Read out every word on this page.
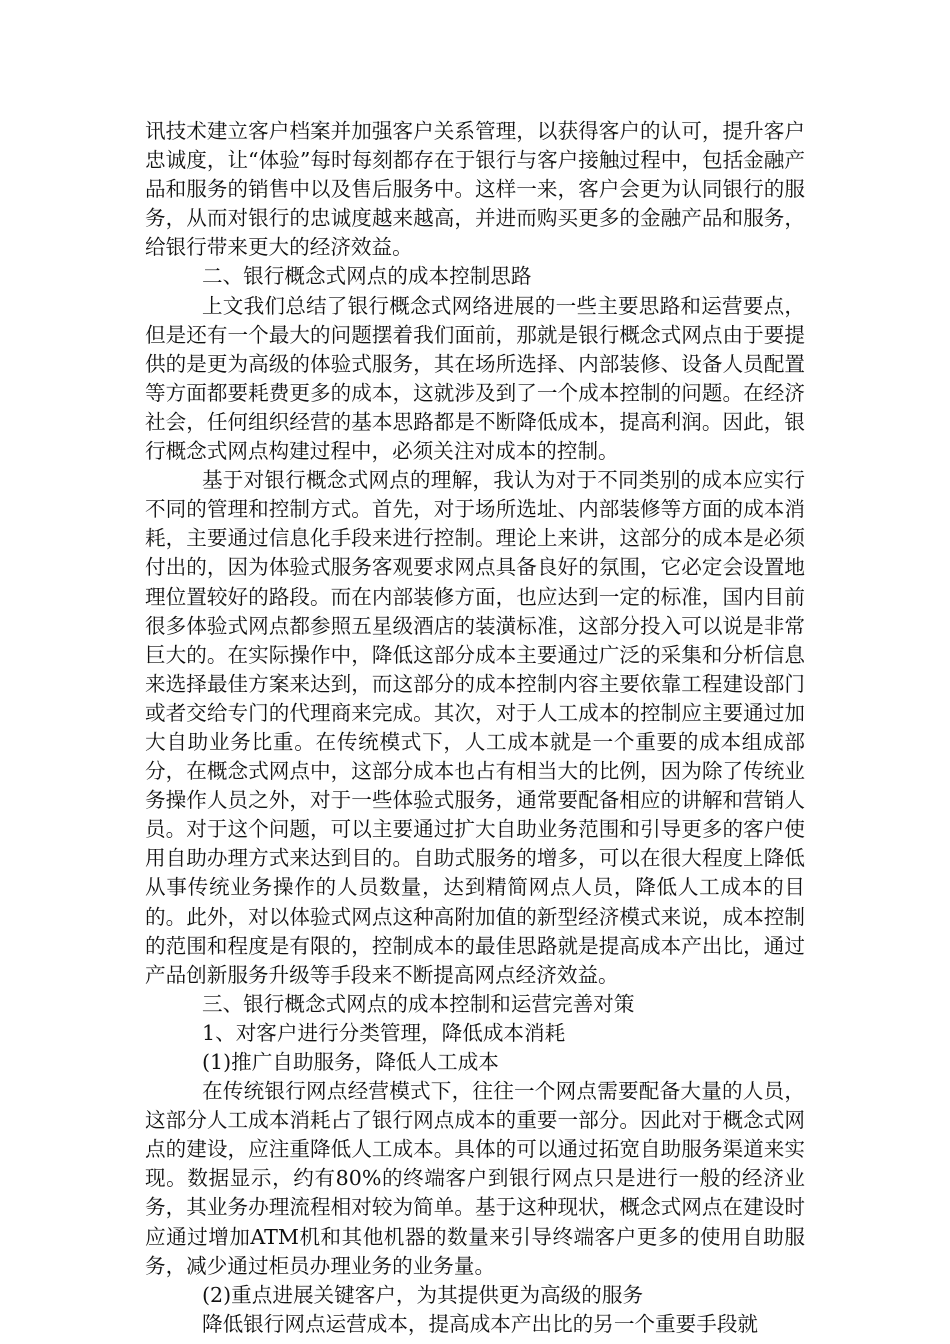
讯技术建立客户档案并加强客户关系管理，以获得客户的认可，提升客户忠诚度，让“体验”每时每刻都存在于银行与客户接触过程中，包括金融产品和服务的销售中以及售后服务中。这样一来，客户会更为认同银行的服务，从而对银行的忠诚度越来越高，并进而购买更多的金融产品和服务，给银行带来更大的经济效益。

二、银行概念式网点的成本控制思路

上文我们总结了银行概念式网络进展的一些主要思路和运营要点，但是还有一个最大的问题摆着我们面前，那就是银行概念式网点由于要提供的是更为高级的体验式服务，其在场所选择、内部装修、设备人员配置等方面都要耗费更多的成本，这就涉及到了一个成本控制的问题。在经济社会，任何组织经营的基本思路都是不断降低成本，提高利润。因此，银行概念式网点构建过程中，必须关注对成本的控制。

基于对银行概念式网点的理解，我认为对于不同类别的成本应实行不同的管理和控制方式。首先，对于场所选址、内部装修等方面的成本消耗，主要通过信息化手段来进行控制。理论上来讲，这部分的成本是必须付出的，因为体验式服务客观要求网点具备良好的氛围，它必定会设置地理位置较好的路段。而在内部装修方面，也应达到一定的标准，国内目前很多体验式网点都参照五星级酒店的装潢标准，这部分投入可以说是非常巨大的。在实际操作中，降低这部分成本主要通过广泛的采集和分析信息来选择最佳方案来达到，而这部分的成本控制内容主要依靠工程建设部门或者交给专门的代理商来完成。其次，对于人工成本的控制应主要通过加大自助业务比重。在传统模式下，人工成本就是一个重要的成本组成部分，在概念式网点中，这部分成本也占有相当大的比例，因为除了传统业务操作人员之外，对于一些体验式服务，通常要配备相应的讲解和营销人员。对于这个问题，可以主要通过扩大自助业务范围和引导更多的客户使用自助办理方式来达到目的。自助式服务的增多，可以在很大程度上降低从事传统业务操作的人员数量，达到精简网点人员，降低人工成本的目的。此外，对以体验式网点这种高附加值的新型经济模式来说，成本控制的范围和程度是有限的，控制成本的最佳思路就是提高成本产出比，通过产品创新服务升级等手段来不断提高网点经济效益。

三、银行概念式网点的成本控制和运营完善对策

1、对客户进行分类管理，降低成本消耗

(1)推广自助服务，降低人工成本

在传统银行网点经营模式下，往往一个网点需要配备大量的人员，这部分人工成本消耗占了银行网点成本的重要一部分。因此对于概念式网点的建设，应注重降低人工成本。具体的可以通过拓宽自助服务渠道来实现。数据显示，约有80%的终端客户到银行网点只是进行一般的经济业务，其业务办理流程相对较为简单。基于这种现状，概念式网点在建设时应通过增加ATM机和其他机器的数量来引导终端客户更多的使用自助服务，减少通过柜员办理业务的业务量。

(2)重点进展关键客户，为其提供更为高级的服务

降低银行网点运营成本，提高成本产出比的另一个重要手段就
